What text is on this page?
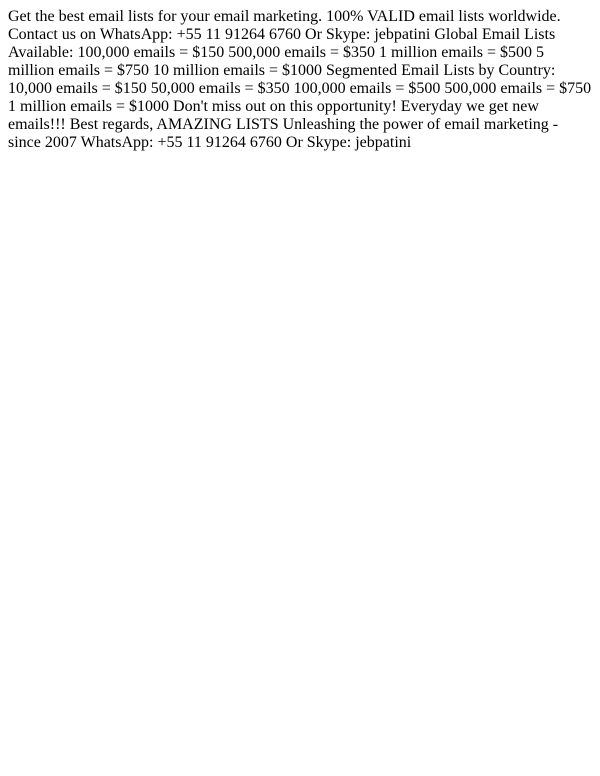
Get the best email lists for your email marketing. 100% VALID email lists worldwide. Contact us on WhatsApp: +55 11 91264 6760 Or Skype: jebpatini Global Email Lists Available: 100,000 emails = $150 500,000 emails = $350 1 million emails = $500 5 million emails = $750 10 million emails = $1000 Segmented Email Lists by Country: 10,000 emails = $150 50,000 emails = $350 100,000 emails = $500 500,000 emails = $750 1 million emails = $1000 Don't miss out on this opportunity! Everyday we get new emails!!! Best regards, AMAZING LISTS Unleashing the power of email marketing - since 2007 WhatsApp: +55 11 91264 6760 Or Skype: jebpatini
